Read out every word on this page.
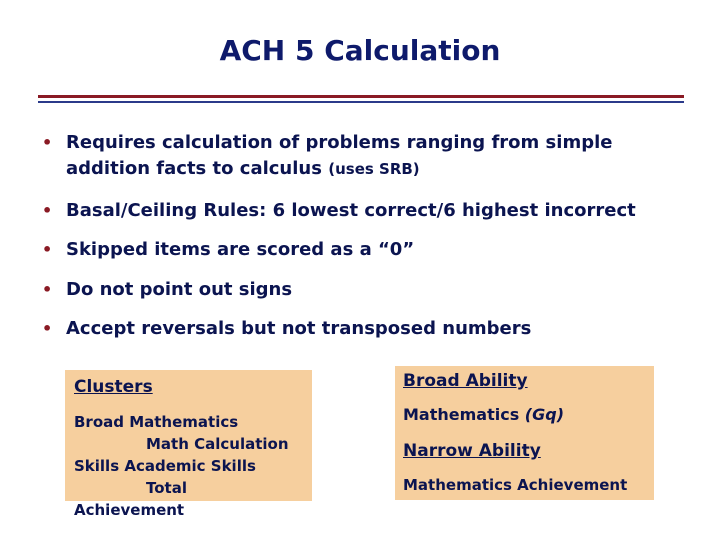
ACH 5 Calculation
• Requires calculation of problems ranging from simple addition facts to calculus (uses SRB)
• Basal/Ceiling Rules: 6 lowest correct/6 highest incorrect
• Skipped items are scored as a “0”
• Do not point out signs
• Accept reversals but not transposed numbers
Clusters
Broad Mathematics
Math Calculation
Skills Academic Skills
Total
Achievement
Broad Ability
Mathematics (Gq)
Narrow Ability
Mathematics Achievement
